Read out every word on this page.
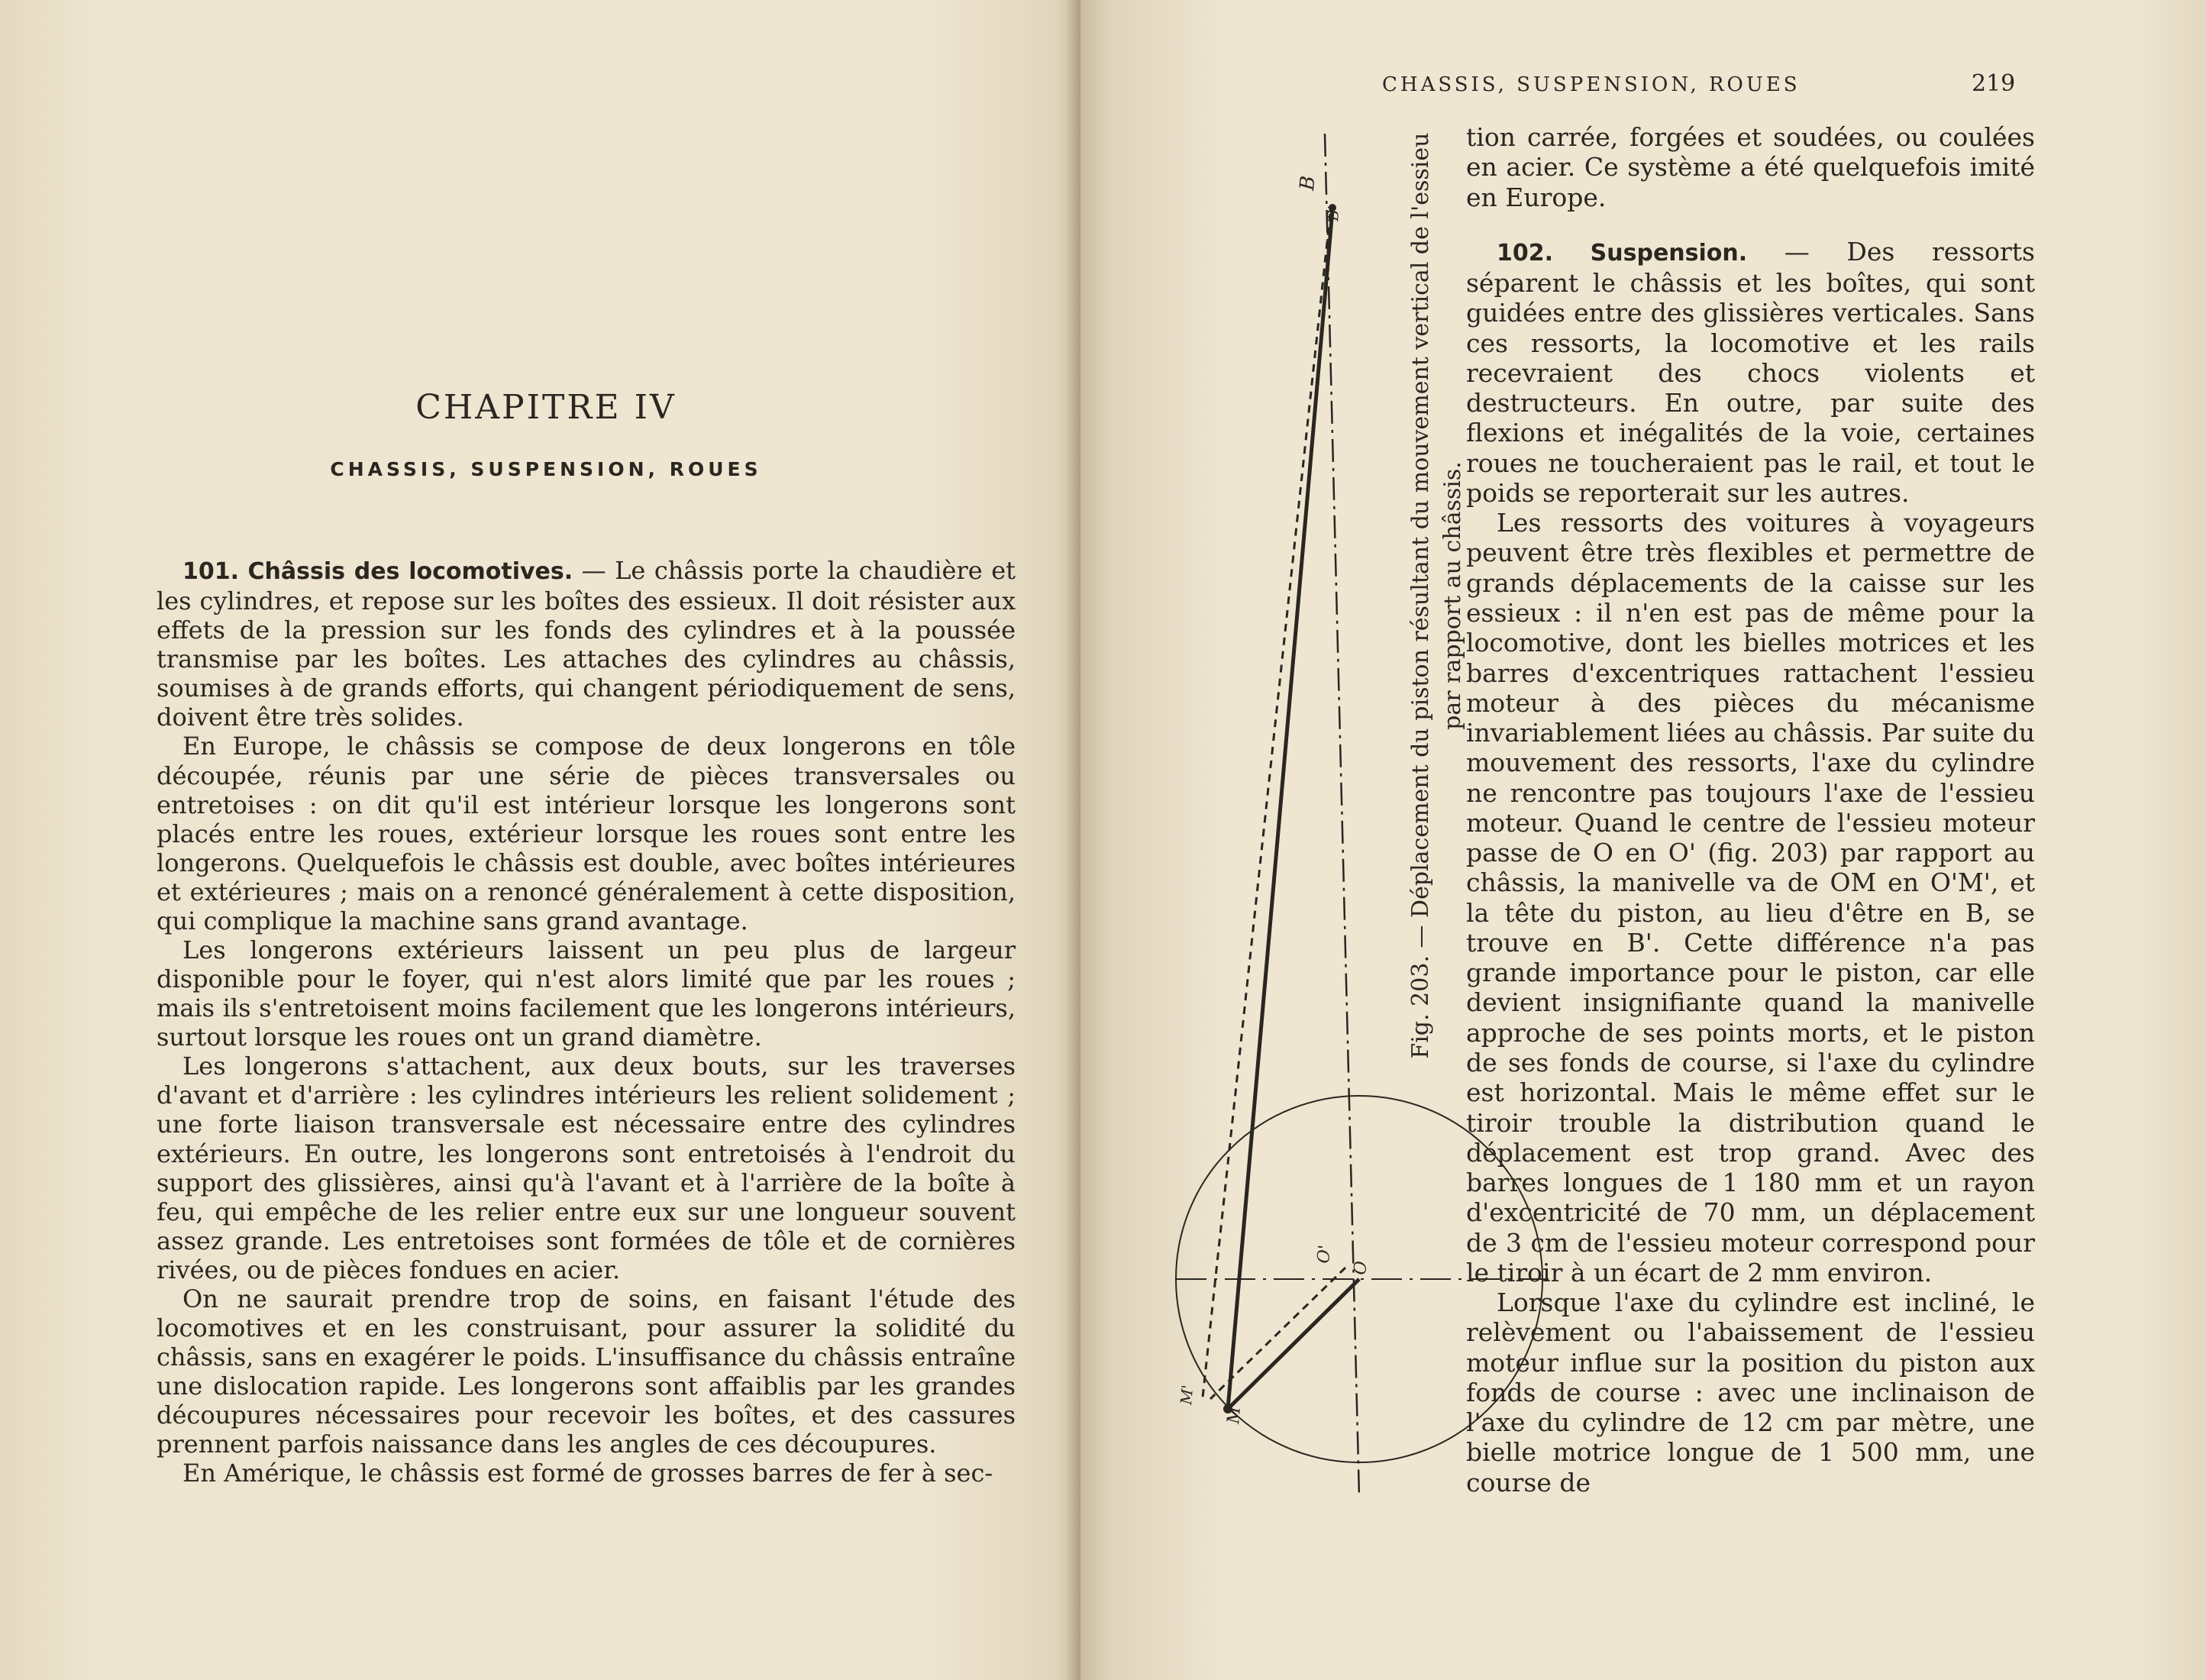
CHAPITRE IV
CHASSIS, SUSPENSION, ROUES

101. Châssis des locomotives. — Le châssis porte la chaudière et les cylindres, et repose sur les boîtes des essieux. Il doit résister aux effets de la pression sur les fonds des cylindres et à la poussée transmise par les boîtes. Les attaches des cylindres au châssis, soumises à de grands efforts, qui changent périodiquement de sens, doivent être très solides.

En Europe, le châssis se compose de deux longerons en tôle découpée, réunis par une série de pièces transversales ou entretoises : on dit qu'il est intérieur lorsque les longerons sont placés entre les roues, extérieur lorsque les roues sont entre les longerons. Quelquefois le châssis est double, avec boîtes intérieures et extérieures ; mais on a renoncé généralement à cette disposition, qui complique la machine sans grand avantage.

Les longerons extérieurs laissent un peu plus de largeur disponible pour le foyer, qui n'est alors limité que par les roues ; mais ils s'entretoisent moins facilement que les longerons intérieurs, surtout lorsque les roues ont un grand diamètre.

Les longerons s'attachent, aux deux bouts, sur les traverses d'avant et d'arrière : les cylindres intérieurs les relient solidement ; une forte liaison transversale est nécessaire entre des cylindres extérieurs. En outre, les longerons sont entretoisés à l'endroit du support des glissières, ainsi qu'à l'avant et à l'arrière de la boîte à feu, qui empêche de les relier entre eux sur une longueur souvent assez grande. Les entretoises sont formées de tôle et de cornières rivées, ou de pièces fondues en acier.

On ne saurait prendre trop de soins, en faisant l'étude des locomotives et en les construisant, pour assurer la solidité du châssis, sans en exagérer le poids. L'insuffisance du châssis entraîne une dislocation rapide. Les longerons sont affaiblis par les grandes découpures nécessaires pour recevoir les boîtes, et des cassures prennent parfois naissance dans les angles de ces découpures.

En Amérique, le châssis est formé de grosses barres de fer à sec-

CHASSIS, SUSPENSION, ROUES	219
B
B'
O
O'
M
M'
Fig. 203. — Déplacement du piston résultant du mouvement vertical de l'essieu par rapport au châssis.

tion carrée, forgées et soudées, ou coulées en acier. Ce système a été quelquefois imité en Europe.

102. Suspension. — Des ressorts séparent le châssis et les boîtes, qui sont guidées entre des glissières verticales. Sans ces ressorts, la locomotive et les rails recevraient des chocs violents et destructeurs. En outre, par suite des flexions et inégalités de la voie, certaines roues ne toucheraient pas le rail, et tout le poids se reporterait sur les autres.

Les ressorts des voitures à voyageurs peuvent être très flexibles et permettre de grands déplacements de la caisse sur les essieux : il n'en est pas de même pour la locomotive, dont les bielles motrices et les barres d'excentriques rattachent l'essieu moteur à des pièces du mécanisme invariablement liées au châssis. Par suite du mouvement des ressorts, l'axe du cylindre ne rencontre pas toujours l'axe de l'essieu moteur. Quand le centre de l'essieu moteur passe de O en O' (fig. 203) par rapport au châssis, la manivelle va de OM en O'M', et la tête du piston, au lieu d'être en B, se trouve en B'. Cette différence n'a pas grande importance pour le piston, car elle devient insignifiante quand la manivelle approche de ses points morts, et le piston de ses fonds de course, si l'axe du cylindre est horizontal. Mais le même effet sur le tiroir trouble la distribution quand le déplacement est trop grand. Avec des barres longues de 1 180 mm et un rayon d'excentricité de 70 mm, un déplacement de 3 cm de l'essieu moteur correspond pour le tiroir à un écart de 2 mm environ.

Lorsque l'axe du cylindre est incliné, le relèvement ou l'abaissement de l'essieu moteur influe sur la position du piston aux fonds de course : avec une inclinaison de l'axe du cylindre de 12 cm par mètre, une bielle motrice longue de 1 500 mm, une course de
